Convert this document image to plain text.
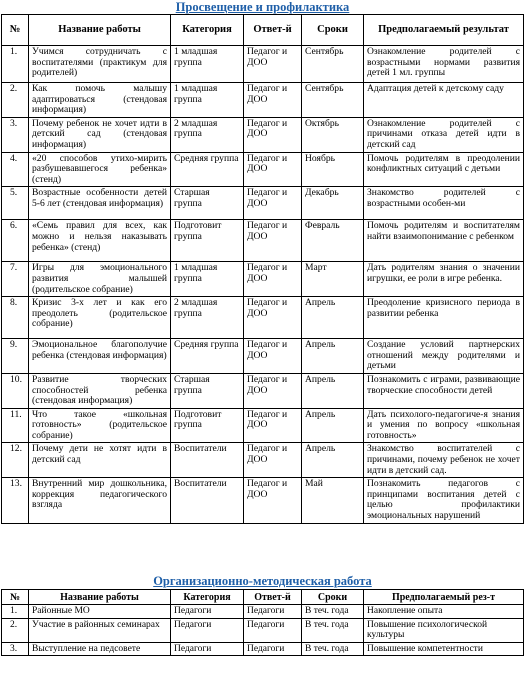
Просвещение и профилактика
№	Название работы	Категория	Ответ-й	Сроки	Предполагаемый результат
1.	Учимся сотрудничать с воспитателями (практикум для родителей)	1 младшая группа	Педагог и ДОО	Сентябрь	Ознакомление родителей с возрастными нормами развития детей 1 мл. группы
2.	Как помочь малышу адаптироваться (стендовая информация)	1 младшая группа	Педагог и ДОО	Сентябрь	Адаптация детей к детскому саду
3.	Почему ребенок не хочет идти в детский сад (стендовая информация)	2 младшая группа	Педагог и ДОО	Октябрь	Ознакомление родителей с причинами отказа детей идти в детский сад
4.	«20 способов утихо-мирить разбушевавшегося ребенка» (стенд)	Средняя группа	Педагог и ДОО	Ноябрь	Помочь родителям в преодолении конфликтных ситуаций с детьми
5.	Возрастные особенности детей 5-6 лет (стендовая информация)	Старшая группа	Педагог и ДОО	Декабрь	Знакомство родителей с возрастными особен-ми
6.	«Семь правил для всех, как можно и нельзя наказывать ребенка» (стенд)	Подготовит группа	Педагог и ДОО	Февраль	Помочь родителям и воспитателям найти взаимопонимание с ребенком
7.	Игры для эмоционального развития малышей (родительское собрание)	1 младшая группа	Педагог и ДОО	Март	Дать родителям знания о значении игрушки, ее роли в игре ребенка.
8.	Кризис 3-х лет и как его преодолеть (родительское собрание)	2 младшая группа	Педагог и ДОО	Апрель	Преодоление кризисного периода в развитии ребенка
9.	Эмоциональное благополучие ребенка (стендовая информация)	Средняя группа	Педагог и ДОО	Апрель	Создание условий партнерских отношений между родителями и детьми
10.	Развитие творческих способностей ребенка (стендовая информация)	Старшая группа	Педагог и ДОО	Апрель	Познакомить с играми, развивающие творческие способности детей
11.	Что такое «школьная готовность» (родительское собрание)	Подготовит группа	Педагог и ДОО	Апрель	Дать психолого-педагогиче-я знания и умения по вопросу «школьная готовность»
12.	Почему дети не хотят идти в детский сад	Воспитатели	Педагог и ДОО	Апрель	Знакомство воспитателей с причинами, почему ребенок не хочет идти в детский сад.
13.	Внутренний мир дошкольника, коррекция педагогического взгляда	Воспитатели	Педагог и ДОО	Май	Познакомить педагогов с принципами воспитания детей с целью профилактики эмоциональных нарушений
Организационно-методическая работа
№	Название работы	Категория	Ответ-й	Сроки	Предполагаемый рез-т
1.	Районные МО	Педагоги	Педагоги	В теч. года	Накопление опыта
2.	Участие в районных семинарах	Педагоги	Педагоги	В теч. года	Повышение психологической культуры
3.	Выступление на педсовете	Педагоги	Педагоги	В теч. года	Повышение компетентности
